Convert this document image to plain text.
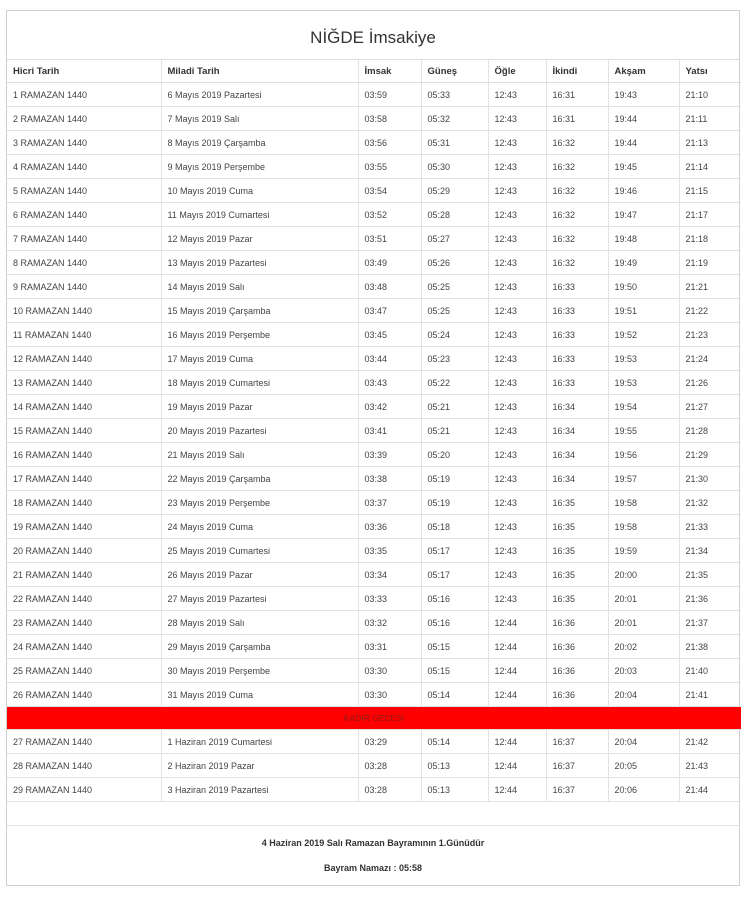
NİĞDE İmsakiye
Hicri Tarih	Miladi Tarih	İmsak	Güneş	Öğle	İkindi	Akşam	Yatsı
1 RAMAZAN 1440	6 Mayıs 2019 Pazartesi	03:59	05:33	12:43	16:31	19:43	21:10
2 RAMAZAN 1440	7 Mayıs 2019 Salı	03:58	05:32	12:43	16:31	19:44	21:11
3 RAMAZAN 1440	8 Mayıs 2019 Çarşamba	03:56	05:31	12:43	16:32	19:44	21:13
4 RAMAZAN 1440	9 Mayıs 2019 Perşembe	03:55	05:30	12:43	16:32	19:45	21:14
5 RAMAZAN 1440	10 Mayıs 2019 Cuma	03:54	05:29	12:43	16:32	19:46	21:15
6 RAMAZAN 1440	11 Mayıs 2019 Cumartesi	03:52	05:28	12:43	16:32	19:47	21:17
7 RAMAZAN 1440	12 Mayıs 2019 Pazar	03:51	05:27	12:43	16:32	19:48	21:18
8 RAMAZAN 1440	13 Mayıs 2019 Pazartesi	03:49	05:26	12:43	16:32	19:49	21:19
9 RAMAZAN 1440	14 Mayıs 2019 Salı	03:48	05:25	12:43	16:33	19:50	21:21
10 RAMAZAN 1440	15 Mayıs 2019 Çarşamba	03:47	05:25	12:43	16:33	19:51	21:22
11 RAMAZAN 1440	16 Mayıs 2019 Perşembe	03:45	05:24	12:43	16:33	19:52	21:23
12 RAMAZAN 1440	17 Mayıs 2019 Cuma	03:44	05:23	12:43	16:33	19:53	21:24
13 RAMAZAN 1440	18 Mayıs 2019 Cumartesi	03:43	05:22	12:43	16:33	19:53	21:26
14 RAMAZAN 1440	19 Mayıs 2019 Pazar	03:42	05:21	12:43	16:34	19:54	21:27
15 RAMAZAN 1440	20 Mayıs 2019 Pazartesi	03:41	05:21	12:43	16:34	19:55	21:28
16 RAMAZAN 1440	21 Mayıs 2019 Salı	03:39	05:20	12:43	16:34	19:56	21:29
17 RAMAZAN 1440	22 Mayıs 2019 Çarşamba	03:38	05:19	12:43	16:34	19:57	21:30
18 RAMAZAN 1440	23 Mayıs 2019 Perşembe	03:37	05:19	12:43	16:35	19:58	21:32
19 RAMAZAN 1440	24 Mayıs 2019 Cuma	03:36	05:18	12:43	16:35	19:58	21:33
20 RAMAZAN 1440	25 Mayıs 2019 Cumartesi	03:35	05:17	12:43	16:35	19:59	21:34
21 RAMAZAN 1440	26 Mayıs 2019 Pazar	03:34	05:17	12:43	16:35	20:00	21:35
22 RAMAZAN 1440	27 Mayıs 2019 Pazartesi	03:33	05:16	12:43	16:35	20:01	21:36
23 RAMAZAN 1440	28 Mayıs 2019 Salı	03:32	05:16	12:44	16:36	20:01	21:37
24 RAMAZAN 1440	29 Mayıs 2019 Çarşamba	03:31	05:15	12:44	16:36	20:02	21:38
25 RAMAZAN 1440	30 Mayıs 2019 Perşembe	03:30	05:15	12:44	16:36	20:03	21:40
26 RAMAZAN 1440	31 Mayıs 2019 Cuma	03:30	05:14	12:44	16:36	20:04	21:41
KADIR GECESİ							
27 RAMAZAN 1440	1 Haziran 2019 Cumartesi	03:29	05:14	12:44	16:37	20:04	21:42
28 RAMAZAN 1440	2 Haziran 2019 Pazar	03:28	05:13	12:44	16:37	20:05	21:43
29 RAMAZAN 1440	3 Haziran 2019 Pazartesi	03:28	05:13	12:44	16:37	20:06	21:44
4 Haziran 2019 Salı Ramazan Bayramının 1.Günüdür
Bayram Namazı : 05:58
